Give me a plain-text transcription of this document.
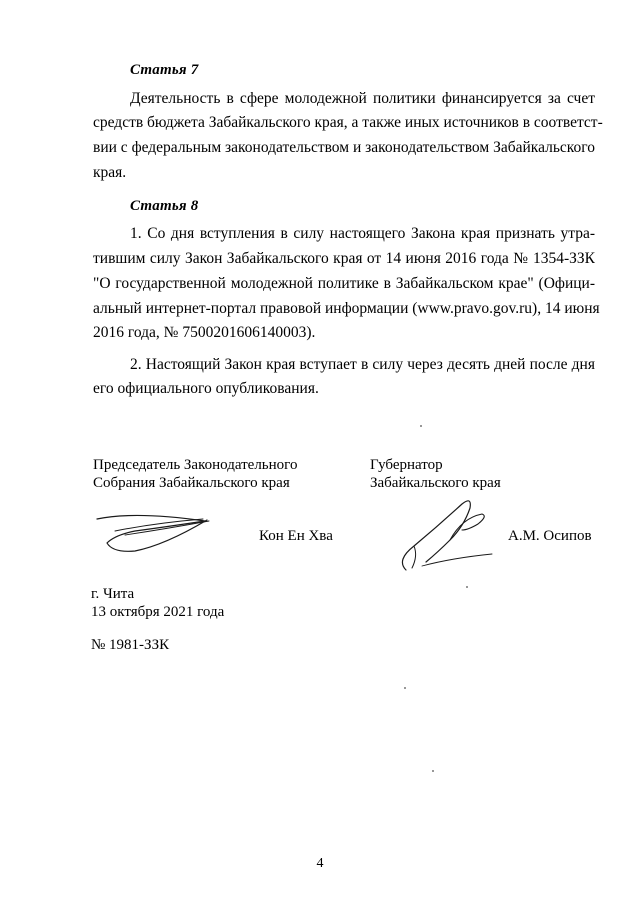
Статья 7
Деятельность в сфере молодежной политики финансируется за счет
средств бюджета Забайкальского края, а также иных источников в соответст-
вии с федеральным законодательством и законодательством Забайкальского
края.
Статья 8
1. Со дня вступления в силу настоящего Закона края признать утра-
тившим силу Закон Забайкальского края от 14 июня 2016 года № 1354-ЗЗК
"О государственной молодежной политике в Забайкальском крае" (Офици-
альный интернет-портал правовой информации (www.pravo.gov.ru), 14 июня
2016 года, № 7500201606140003).
2. Настоящий Закон края вступает в силу через десять дней после дня
его официального опубликования.
Председатель Законодательного
Собрания Забайкальского края
Губернатор
Забайкальского края
Кон Ен Хва	А.М. Осипов
г. Чита
13 октября 2021 года
№ 1981-ЗЗК
4
